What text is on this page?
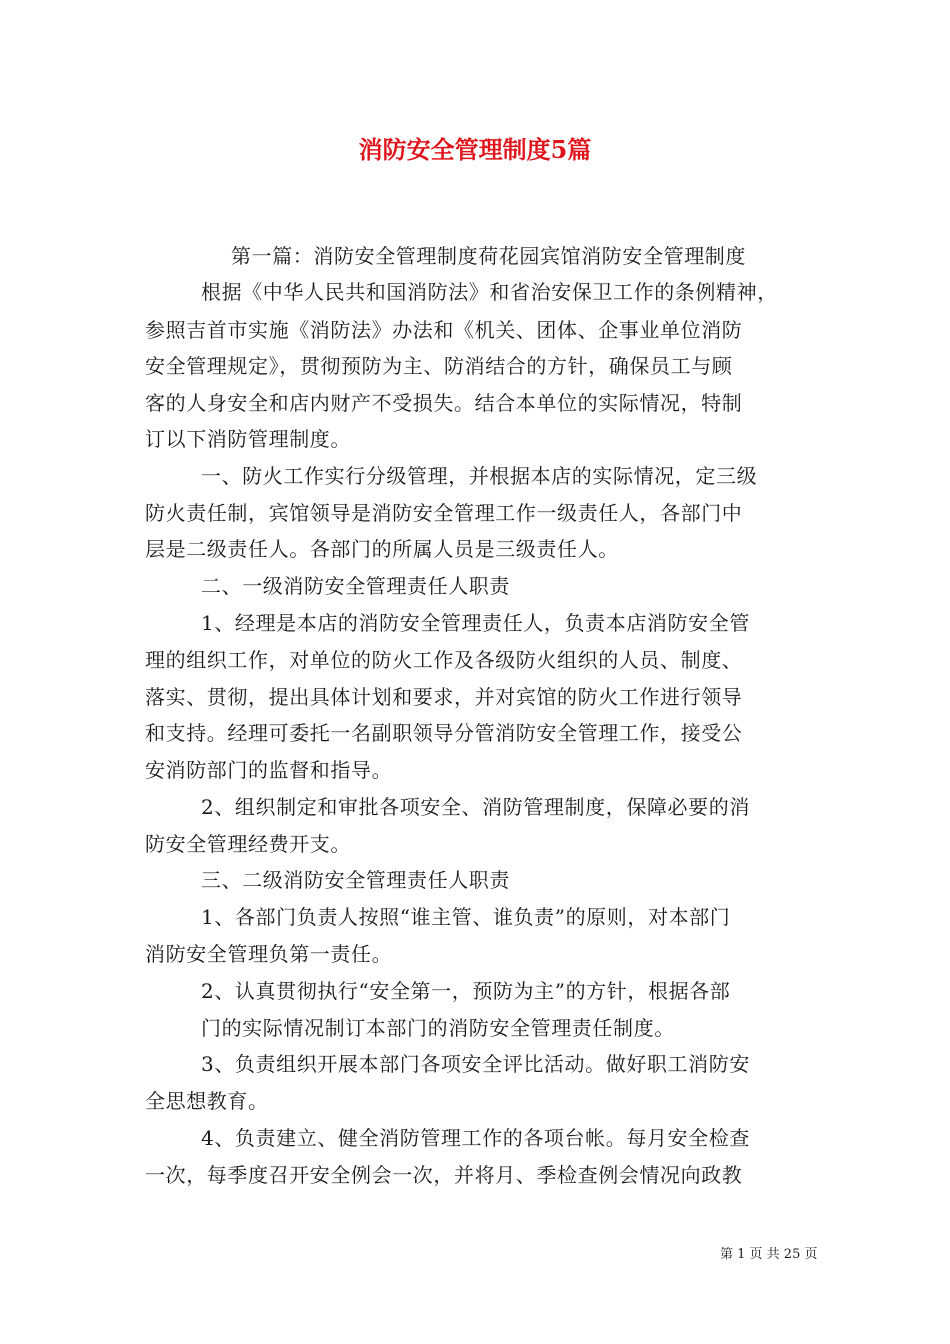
消防安全管理制度5篇
第一篇：消防安全管理制度荷花园宾馆消防安全管理制度
根据《中华人民共和国消防法》和省治安保卫工作的条例精神，
参照吉首市实施《消防法》办法和《机关、团体、企事业单位消防
安全管理规定》，贯彻预防为主、防消结合的方针，确保员工与顾
客的人身安全和店内财产不受损失。结合本单位的实际情况，特制
订以下消防管理制度。
一、防火工作实行分级管理，并根据本店的实际情况，定三级
防火责任制，宾馆领导是消防安全管理工作一级责任人，各部门中
层是二级责任人。各部门的所属人员是三级责任人。
二、一级消防安全管理责任人职责
1、经理是本店的消防安全管理责任人，负责本店消防安全管
理的组织工作，对单位的防火工作及各级防火组织的人员、制度、
落实、贯彻，提出具体计划和要求，并对宾馆的防火工作进行领导
和支持。经理可委托一名副职领导分管消防安全管理工作，接受公
安消防部门的监督和指导。
2、组织制定和审批各项安全、消防管理制度，保障必要的消
防安全管理经费开支。
三、二级消防安全管理责任人职责
1、各部门负责人按照“谁主管、谁负责”的原则，对本部门
消防安全管理负第一责任。
2、认真贯彻执行“安全第一，预防为主”的方针，根据各部
门的实际情况制订本部门的消防安全管理责任制度。
3、负责组织开展本部门各项安全评比活动。做好职工消防安
全思想教育。
4、负责建立、健全消防管理工作的各项台帐。每月安全检查
一次，每季度召开安全例会一次，并将月、季检查例会情况向政教
第 1 页 共 25 页
